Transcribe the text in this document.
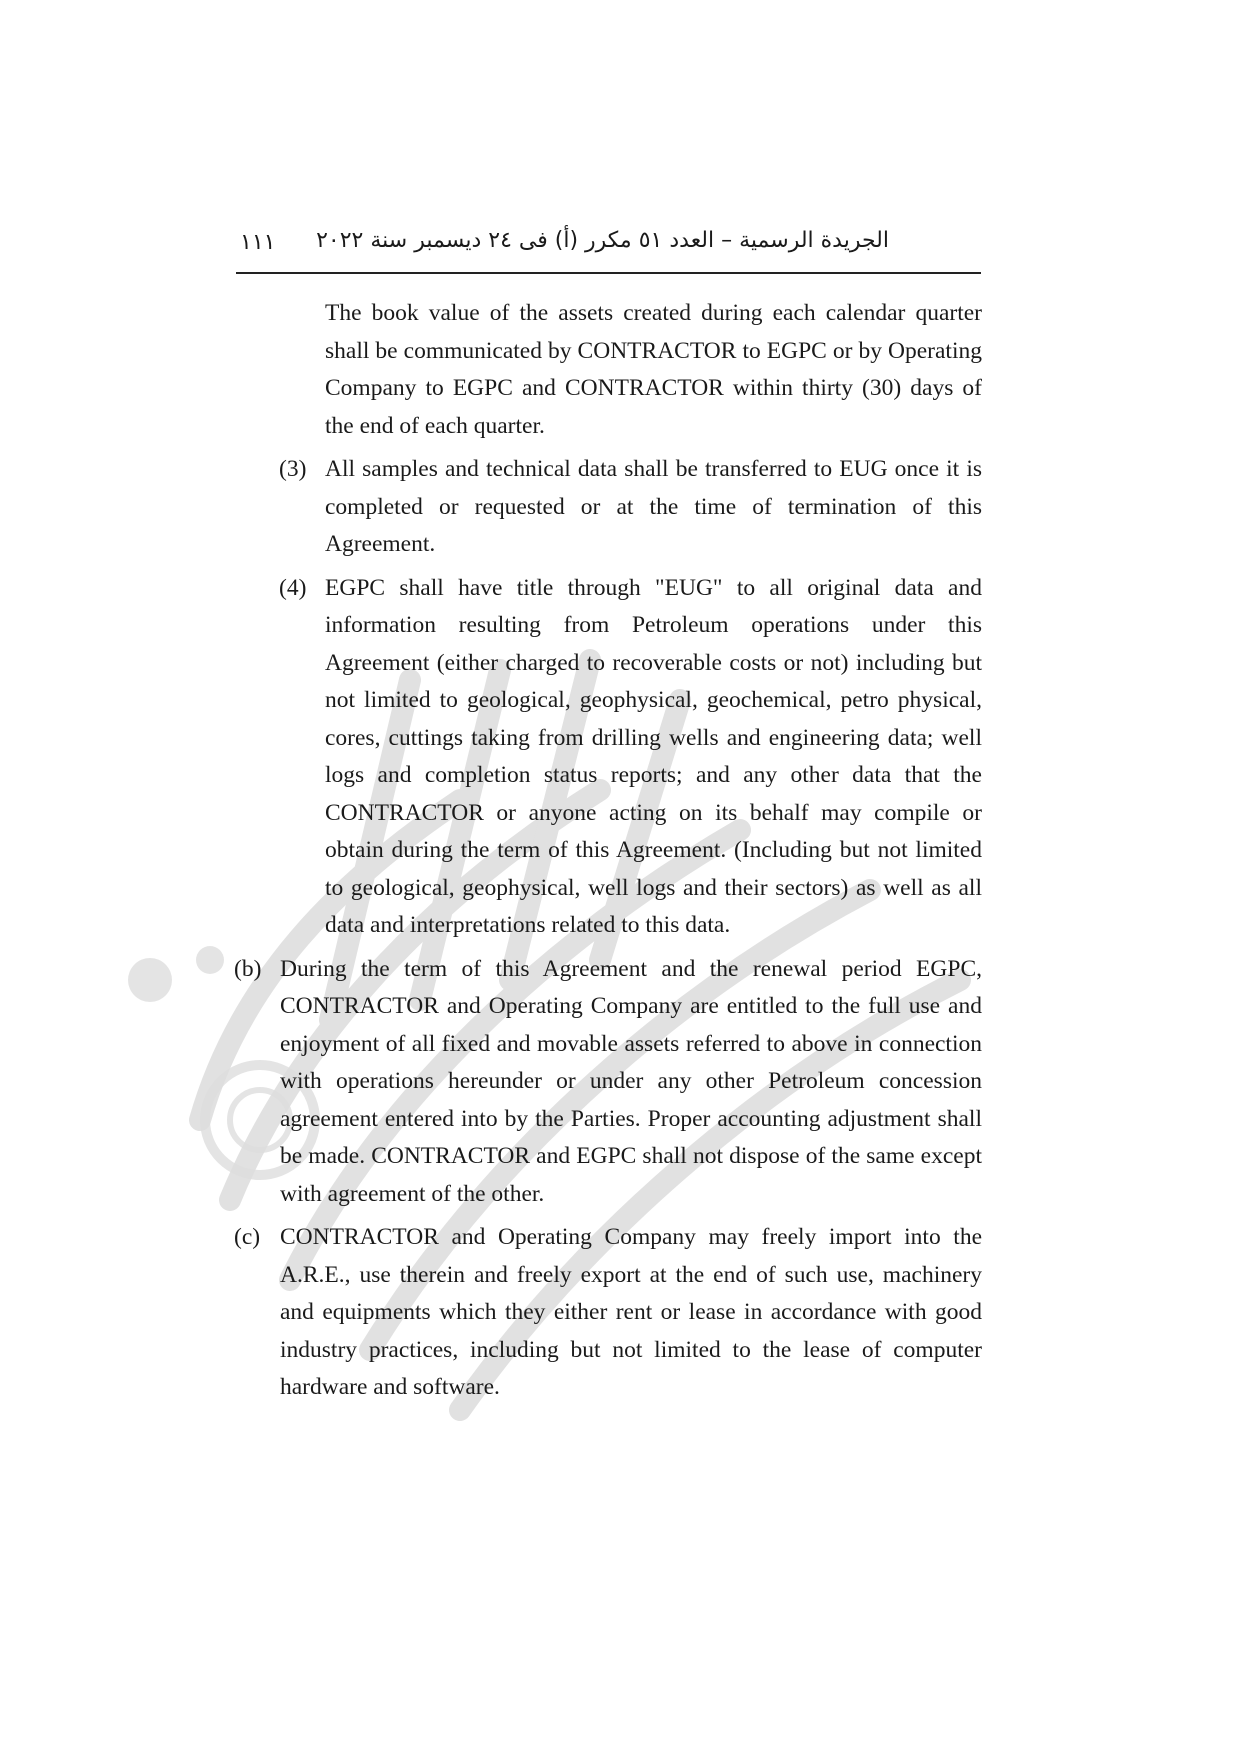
١١١ الجريدة الرسمية – العدد ٥١ مكرر (أ) فى ٢٤ ديسمبر سنة ٢٠٢٢

The book value of the assets created during each calendar quarter shall be communicated by CONTRACTOR to EGPC or by Operating Company to EGPC and CONTRACTOR within thirty (30) days of the end of each quarter.

(3) All samples and technical data shall be transferred to EUG once it is completed or requested or at the time of termination of this Agreement.

(4) EGPC shall have title through "EUG" to all original data and information resulting from Petroleum operations under this Agreement (either charged to recoverable costs or not) including but not limited to geological, geophysical, geochemical, petro physical, cores, cuttings taking from drilling wells and engineering data; well logs and completion status reports; and any other data that the CONTRACTOR or anyone acting on its behalf may compile or obtain during the term of this Agreement. (Including but not limited to geological, geophysical, well logs and their sectors) as well as all data and interpretations related to this data.

(b) During the term of this Agreement and the renewal period EGPC, CONTRACTOR and Operating Company are entitled to the full use and enjoyment of all fixed and movable assets referred to above in connection with operations hereunder or under any other Petroleum concession agreement entered into by the Parties. Proper accounting adjustment shall be made. CONTRACTOR and EGPC shall not dispose of the same except with agreement of the other.

(c) CONTRACTOR and Operating Company may freely import into the A.R.E., use therein and freely export at the end of such use, machinery and equipments which they either rent or lease in accordance with good industry practices, including but not limited to the lease of computer hardware and software.
